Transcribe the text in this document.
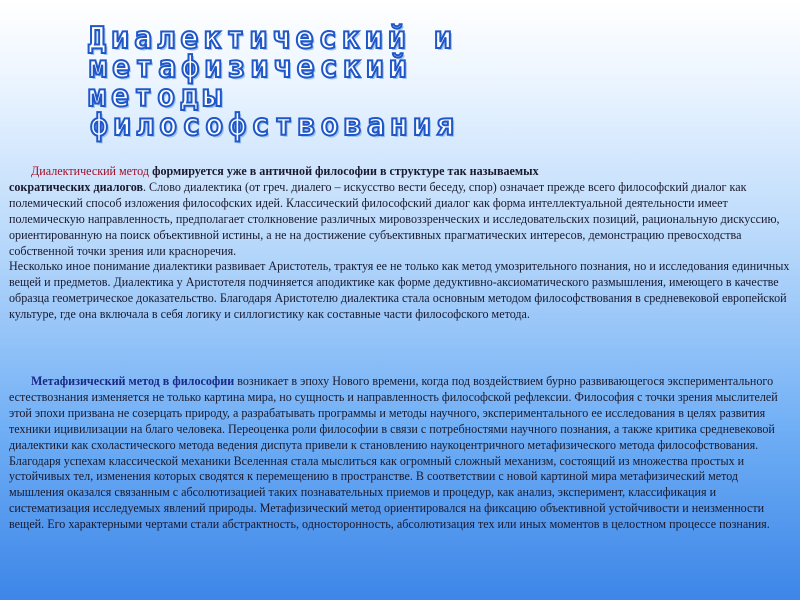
Диалектический и
метафизический
методы
философствования

Диалектический метод формируется уже в античной философии в структуре так называемых
сократических диалогов. Слово диалектика (от греч. диалего – искусство вести беседу, спор) означает прежде всего философский диалог как полемический способ изложения философских идей. Классический философский диалог как форма интеллектуальной деятельности имеет полемическую направленность, предполагает столкновение различных мировоззренческих и исследовательских позиций, рациональную дискуссию, ориентированную на поиск объективной истины, а не на достижение субъективных прагматических интересов, демонстрацию превосходства собственной точки зрения или красноречия.

Несколько иное понимание диалектики развивает Аристотель, трактуя ее не только как метод умозрительного познания, но и исследования единичных вещей и предметов. Диалектика у Аристотеля подчиняется аподиктике как форме дедуктивно-аксиоматического размышления, имеющего в качестве образца геометрическое доказательство. Благодаря Аристотелю диалектика стала основным методом философствования в средневековой европейской культуре, где она включала в себя логику и силлогистику как составные части философского метода.

Метафизический метод в философии возникает в эпоху Нового времени, когда под воздействием бурно развивающегося экспериментального естествознания изменяется не только картина мира, но сущность и направленность философской рефлексии. Философия с точки зрения мыслителей этой эпохи призвана не созерцать природу, а разрабатывать программы и методы научного, экспериментального ее исследования в целях развития техники ицивилизации на благо человека. Переоценка роли философии в связи с потребностями научного познания, а также критика средневековой диалектики как схоластического метода ведения диспута привели к становлению наукоцентричного метафизического метода философствования.

Благодаря успехам классической механики Вселенная стала мыслиться как огромный сложный механизм, состоящий из множества простых и устойчивых тел, изменения которых сводятся к перемещению в пространстве. В соответствии с новой картиной мира метафизический метод мышления оказался связанным с абсолютизацией таких познавательных приемов и процедур, как анализ, эксперимент, классификация и систематизация исследуемых явлений природы. Метафизический метод ориентировался на фиксацию объективной устойчивости и неизменности вещей. Его характерными чертами стали абстрактность, односторонность, абсолютизация тех или иных моментов в целостном процессе познания.
